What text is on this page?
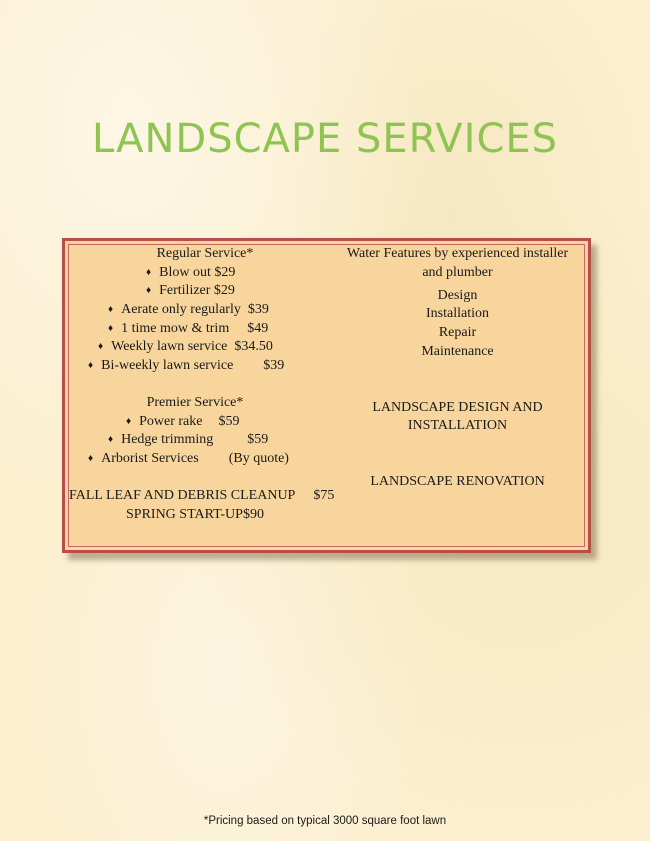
LANDSCAPE SERVICES
Regular Service*
♦ Blow out $29
♦ Fertilizer $29
♦ Aerate only regularly $39
♦ 1 time mow & trim $49
♦ Weekly lawn service $34.50
♦ Bi-weekly lawn service $39
Premier Service*
♦ Power rake $59
♦ Hedge trimming $59
♦ Arborist Services (By quote)
FALL LEAF AND DEBRIS CLEANUP $75
SPRING START-UP$90
Water Features by experienced installer
and plumber
Design
Installation
Repair
Maintenance
LANDSCAPE DESIGN AND
INSTALLATION
LANDSCAPE RENOVATION
*Pricing based on typical 3000 square foot lawn
